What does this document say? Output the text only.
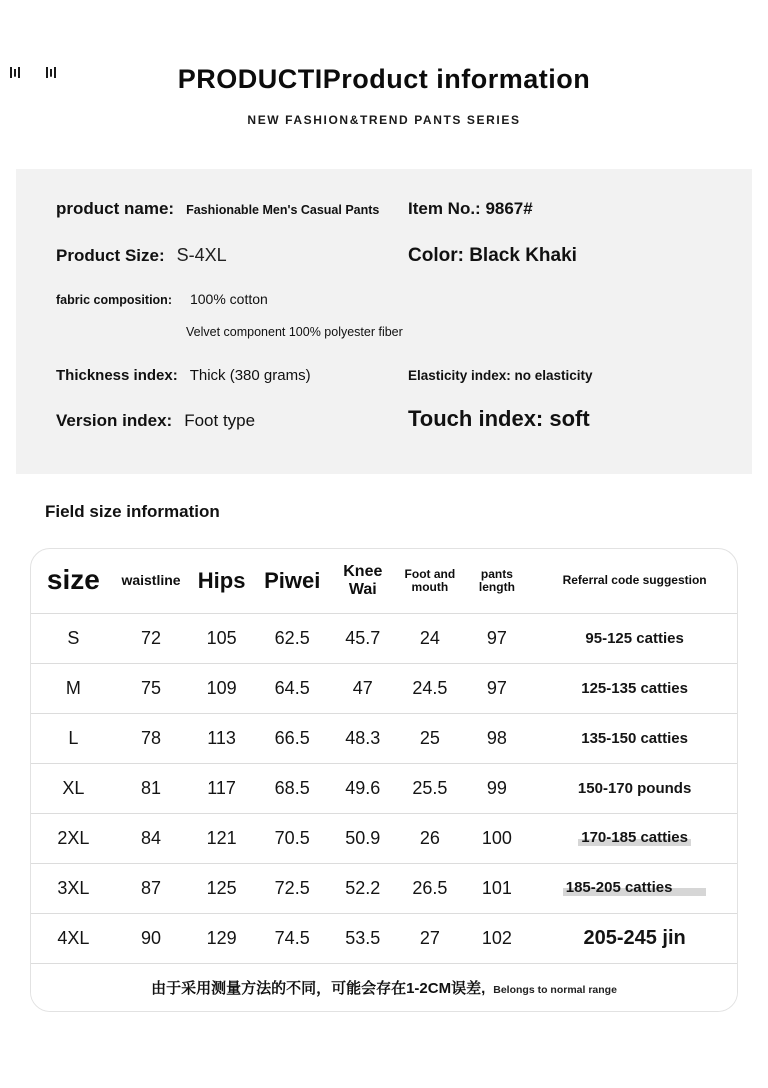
PRODUCTIProduct information
NEW FASHION&TREND PANTS SERIES
product name: Fashionable Men's Casual Pants Item No.: 9867#
Product Size: S-4XL	Color: Black Khaki
fabric composition: 100% cotton
Velvet component 100% polyester fiber
Thickness index: Thick (380 grams)	Elasticity index: no elasticity
Version index: Foot type	Touch index: soft
Field size information
size	waistline	Hips	Piwei	Knee Wai	Foot and mouth	pants length	Referral code suggestion
S	72	105	62.5	45.7	24	97	95-125 catties
M	75	109	64.5	47	24.5	97	125-135 catties
L	78	113	66.5	48.3	25	98	135-150 catties
XL	81	117	68.5	49.6	25.5	99	150-170 pounds
2XL	84	121	70.5	50.9	26	100	170-185 catties
3XL	87	125	72.5	52.2	26.5	101	185-205 catties
4XL	90	129	74.5	53.5	27	102	205-245 jin
由于采用测量方法的不同，可能会存在1-2CM误差, Belongs to normal range
